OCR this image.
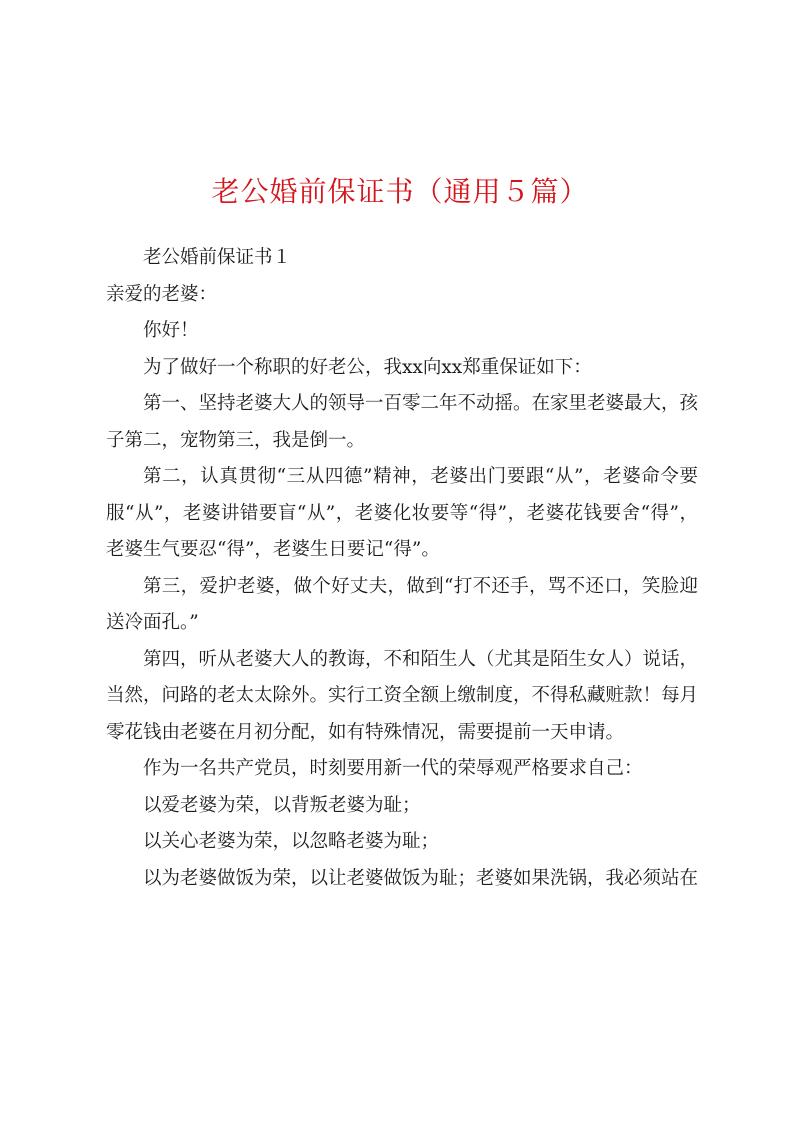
老公婚前保证书（通用５篇）

老公婚前保证书１

亲爱的老婆：

你好！

为了做好一个称职的好老公，我xx向xx郑重保证如下：

第一、坚持老婆大人的领导一百零二年不动摇。在家里老婆最大，孩子第二，宠物第三，我是倒一。

第二，认真贯彻“三从四德”精神，老婆出门要跟“从”，老婆命令要服“从”，老婆讲错要盲“从”，老婆化妆要等“得”，老婆花钱要舍“得”，老婆生气要忍“得”，老婆生日要记“得”。

第三，爱护老婆，做个好丈夫，做到“打不还手，骂不还口，笑脸迎送冷面孔。”

第四，听从老婆大人的教诲，不和陌生人（尤其是陌生女人）说话，当然，问路的老太太除外。实行工资全额上缴制度，不得私藏赃款！每月零花钱由老婆在月初分配，如有特殊情况，需要提前一天申请。

作为一名共产党员，时刻要用新一代的荣辱观严格要求自己：

以爱老婆为荣，以背叛老婆为耻；

以关心老婆为荣，以忽略老婆为耻；

以为老婆做饭为荣，以让老婆做饭为耻；老婆如果洗锅，我必须站在
